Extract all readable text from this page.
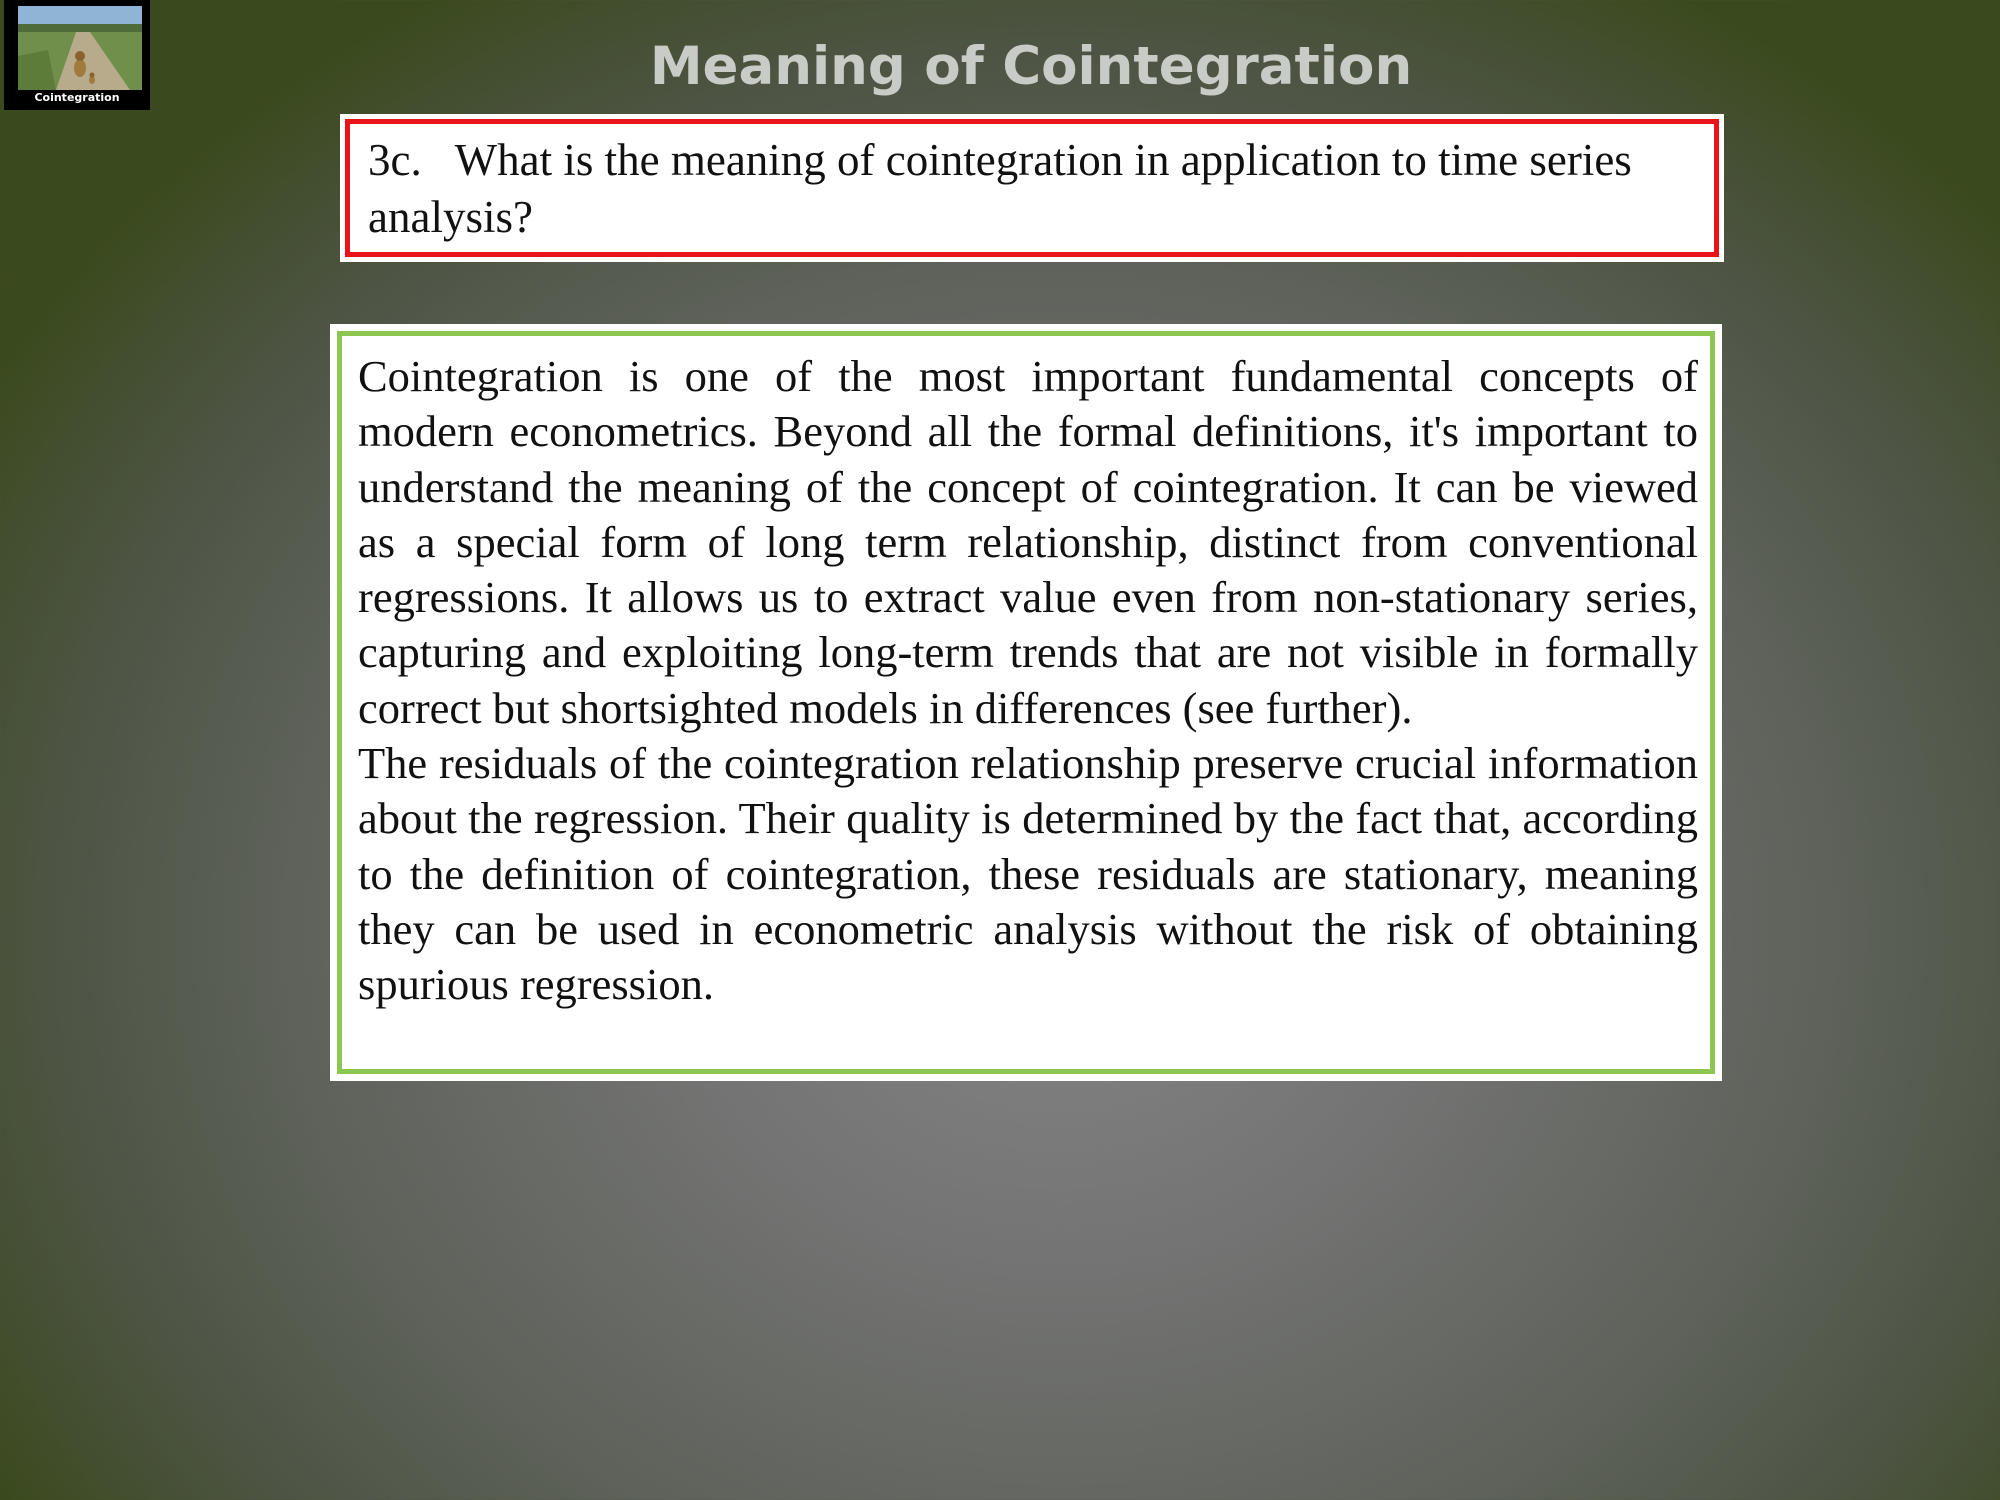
Cointegration
Meaning of Cointegration
3c.   What is the meaning of cointegration in application to time series analysis?

Cointegration is one of the most important fundamental concepts of modern econometrics. Beyond all the formal definitions, it's important to understand the meaning of the concept of cointegration. It can be viewed as a special form of long term relationship, distinct from conventional regressions. It allows us to extract value even from non-stationary series, capturing and exploiting long-term trends that are not visible in formally correct but shortsighted models in differences (see further).

The residuals of the cointegration relationship preserve crucial information about the regression. Their quality is determined by the fact that, according to the definition of cointegration, these residuals are stationary, meaning they can be used in econometric analysis without the risk of obtaining spurious regression.
